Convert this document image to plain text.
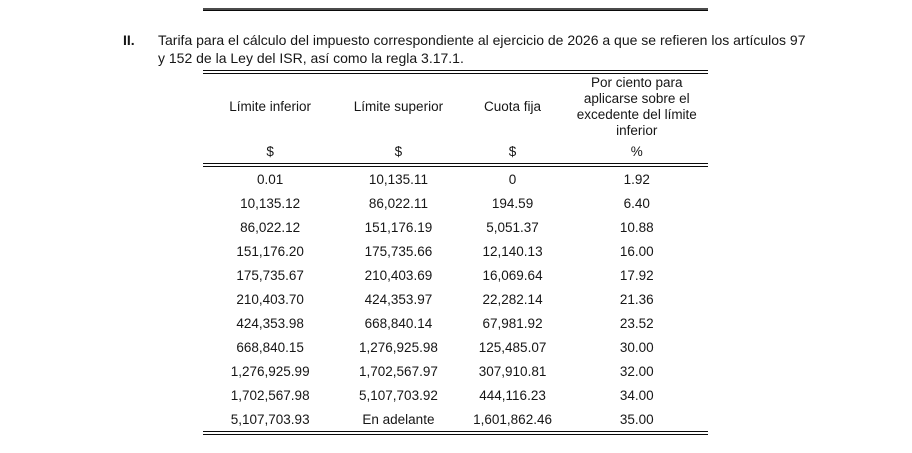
II.	Tarifa para el cálculo del impuesto correspondiente al ejercicio de 2026 a que se refieren los artículos 97
y 152 de la Ley del ISR, así como la regla 3.17.1.
Límite inferior	Límite superior	Cuota fija	Por ciento para aplicarse sobre el excedente del límite inferior
$	$	$	%
0.01	10,135.11	0	1.92
10,135.12	86,022.11	194.59	6.40
86,022.12	151,176.19	5,051.37	10.88
151,176.20	175,735.66	12,140.13	16.00
175,735.67	210,403.69	16,069.64	17.92
210,403.70	424,353.97	22,282.14	21.36
424,353.98	668,840.14	67,981.92	23.52
668,840.15	1,276,925.98	125,485.07	30.00
1,276,925.99	1,702,567.97	307,910.81	32.00
1,702,567.98	5,107,703.92	444,116.23	34.00
5,107,703.93	En adelante	1,601,862.46	35.00
